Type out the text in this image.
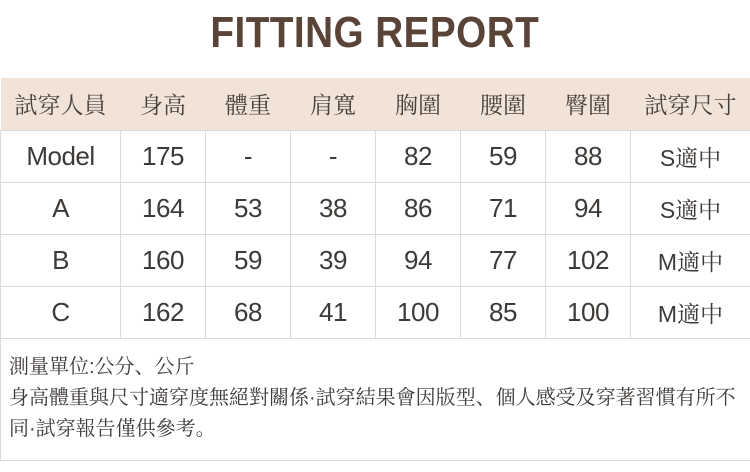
FITTING REPORT
試穿人員	身高	體重	肩寬	胸圍	腰圍	臀圍	試穿尺寸
Model	175	-	-	82	59	88	S適中
A	164	53	38	86	71	94	S適中
B	160	59	39	94	77	102	M適中
C	162	68	41	100	85	100	M適中

測量單位:公分、公斤
身高體重與尺寸適穿度無絕對關係·試穿結果會因版型、個人感受及穿著習慣有所不同·試穿報告僅供參考。							
